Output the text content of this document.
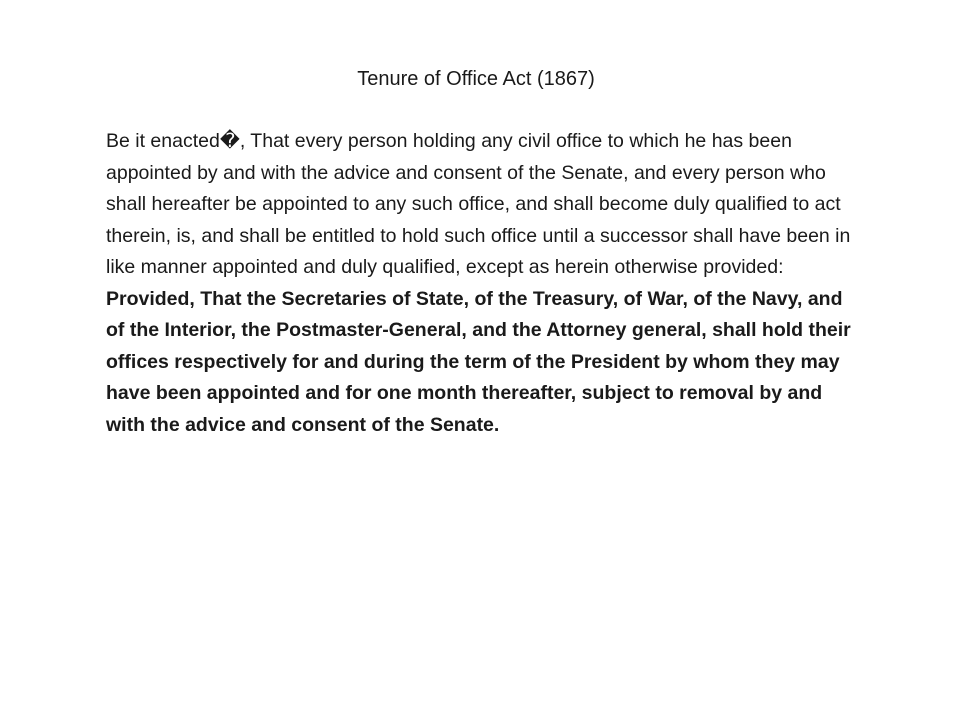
Tenure of Office Act (1867)
Be it enacted�, That every person holding any civil office to which he has been appointed by and with the advice and consent of the Senate, and every person who shall hereafter be appointed to any such office, and shall become duly qualified to act therein, is, and shall be entitled to hold such office until a successor shall have been in like manner appointed and duly qualified, except as herein otherwise provided: Provided, That the Secretaries of State, of the Treasury, of War, of the Navy, and of the Interior, the Postmaster-General, and the Attorney general, shall hold their offices respectively for and during the term of the President by whom they may have been appointed and for one month thereafter, subject to removal by and with the advice and consent of the Senate.
